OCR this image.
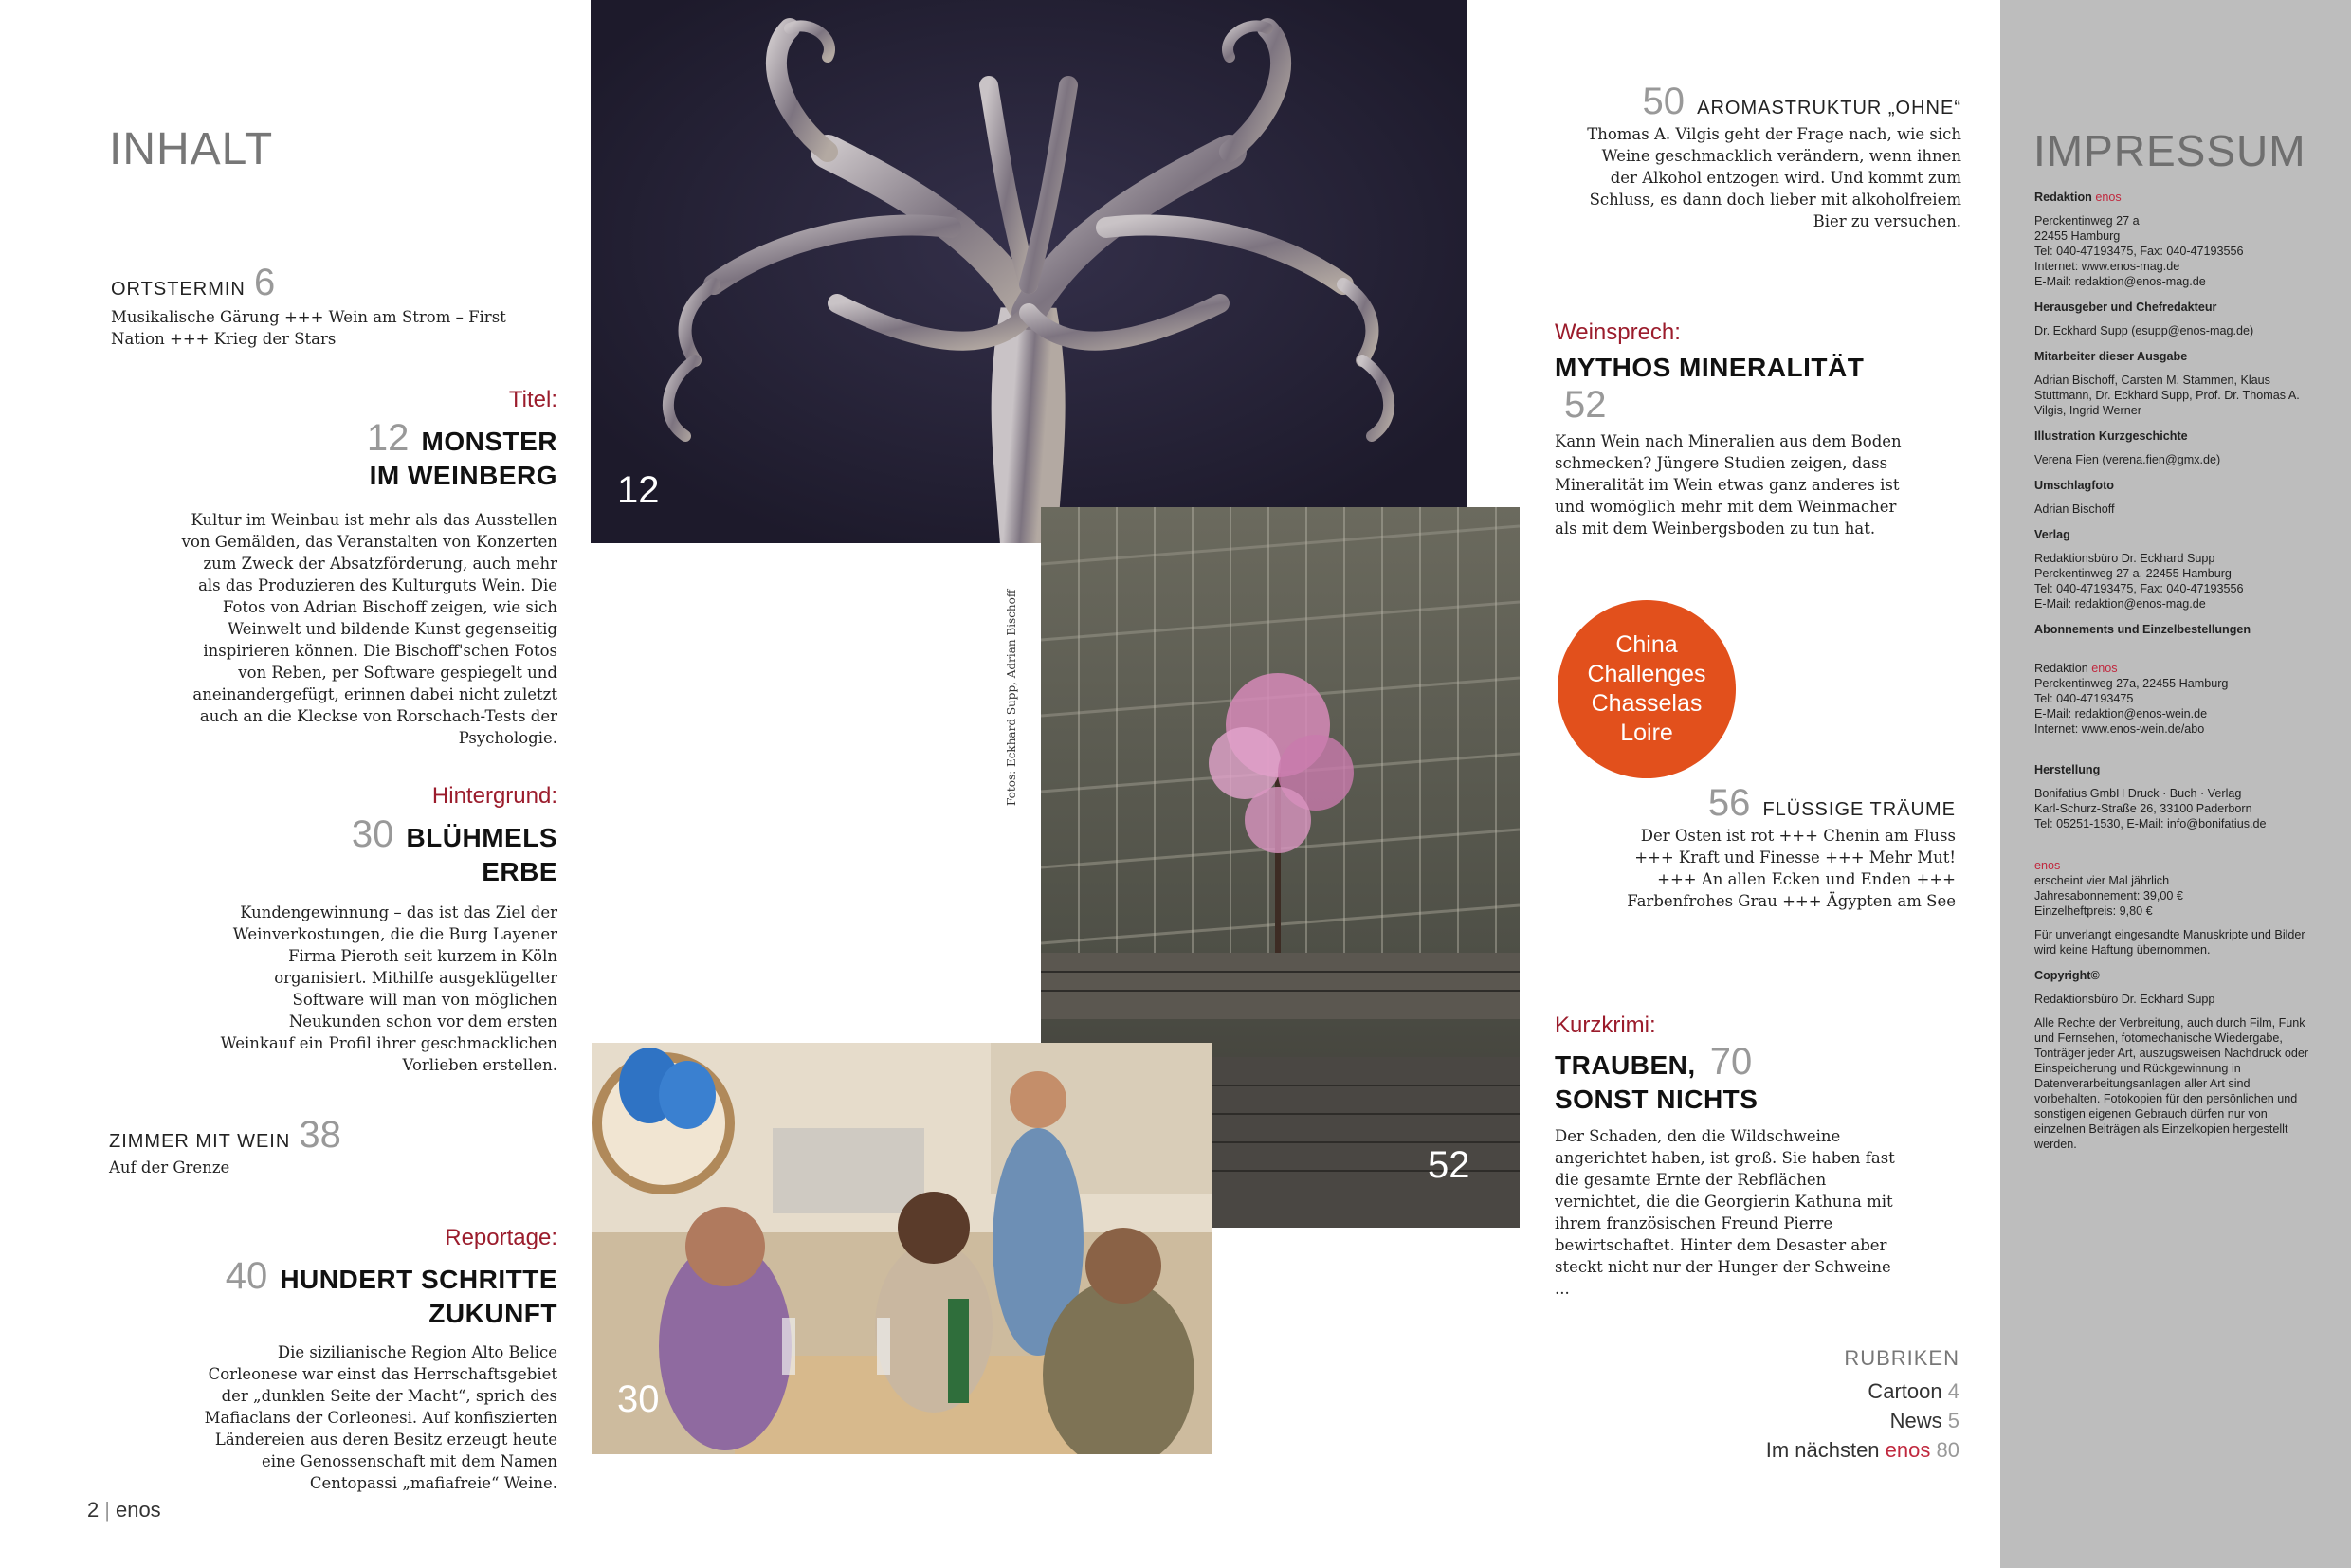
INHALT
ORTSTERMIN 6
Musikalische Gärung +++ Wein am Strom – First Nation +++ Krieg der Stars
Titel:
12 MONSTER
IM WEINBERG
Kultur im Weinbau ist mehr als das Ausstellen von Gemälden, das Veranstalten von Konzerten zum Zweck der Absatzförderung, auch mehr als das Produzieren des Kulturguts Wein. Die Fotos von Adrian Bischoff zeigen, wie sich Weinwelt und bildende Kunst gegenseitig inspirieren können. Die Bischoff'schen Fotos von Reben, per Software gespiegelt und aneinandergefügt, erinnen dabei nicht zuletzt auch an die Kleckse von Rorschach-Tests der Psychologie.
Hintergrund:
30 BLÜHMELS
ERBE
Kundengewinnung – das ist das Ziel der Weinverkostungen, die die Burg Layener Firma Pieroth seit kurzem in Köln organisiert. Mithilfe ausgeklügelter Software will man von möglichen Neukunden schon vor dem ersten Weinkauf ein Profil ihrer geschmacklichen Vorlieben erstellen.
ZIMMER MIT WEIN 38
Auf der Grenze
Reportage:
40 HUNDERT SCHRITTE
ZUKUNFT
Die sizilianische Region Alto Belice Corleonese war einst das Herrschaftsgebiet der „dunklen Seite der Macht“, sprich des Mafiaclans der Corleonesi. Auf konfiszierten Ländereien aus deren Besitz erzeugt heute eine Genossenschaft mit dem Namen Centopassi „mafiafreie“ Weine.
12
52
Fotos: Eckhard Supp, Adrian Bischoff
30
China
Challenges
Chasselas
Loire
50 AROMASTRUKTUR „OHNE“
Thomas A. Vilgis geht der Frage nach, wie sich Weine geschmacklich verändern, wenn ihnen der Alkohol entzogen wird. Und kommt zum Schluss, es dann doch lieber mit alkoholfreiem Bier zu versuchen.
Weinsprech:
MYTHOS MINERALITÄT 52
Kann Wein nach Mineralien aus dem Boden schmecken? Jüngere Studien zeigen, dass Mineralität im Wein etwas ganz anderes ist und womöglich mehr mit dem Weinmacher als mit dem Weinbergsboden zu tun hat.
56 FLÜSSIGE TRÄUME
Der Osten ist rot +++ Chenin am Fluss +++ Kraft und Finesse +++ Mehr Mut! +++ An allen Ecken und Enden +++ Farbenfrohes Grau +++ Ägypten am See
Kurzkrimi:
TRAUBEN, 70
SONST NICHTS
Der Schaden, den die Wildschweine angerichtet haben, ist groß. Sie haben fast die gesamte Ernte der Rebflächen vernichtet, die die Georgierin Kathuna mit ihrem französischen Freund Pierre bewirtschaftet. Hinter dem Desaster aber steckt nicht nur der Hunger der Schweine ...
RUBRIKEN
Cartoon 4
News 5
Im nächsten enos 80
IMPRESSUM
Redaktion enos
Perckentinweg 27 a
22455 Hamburg
Tel: 040-47193475, Fax: 040-47193556
Internet: www.enos-mag.de
E-Mail: redaktion@enos-mag.de
Herausgeber und Chefredakteur
Dr. Eckhard Supp (esupp@enos-mag.de)
Mitarbeiter dieser Ausgabe
Adrian Bischoff, Carsten M. Stammen, Klaus Stuttmann, Dr. Eckhard Supp, Prof. Dr. Thomas A. Vilgis, Ingrid Werner
Illustration Kurzgeschichte
Verena Fien (verena.fien@gmx.de)
Umschlagfoto
Adrian Bischoff
Verlag
Redaktionsbüro Dr. Eckhard Supp
Perckentinweg 27 a, 22455 Hamburg
Tel: 040-47193475, Fax: 040-47193556
E-Mail: redaktion@enos-mag.de
Abonnements und Einzelbestellungen

Redaktion enos

Perckentinweg 27a, 22455 Hamburg
Tel: 040-47193475
E-Mail: redaktion@enos-wein.de
Internet: www.enos-wein.de/abo

Herstellung
Bonifatius GmbH Druck · Buch · Verlag
Karl-Schurz-Straße 26, 33100 Paderborn
Tel: 05251-1530, E-Mail: info@bonifatius.de

enos
erscheint vier Mal jährlich
Jahresabonnement: 39,00 €
Einzelheftpreis: 9,80 €

Für unverlangt eingesandte Manuskripte und Bilder wird keine Haftung übernommen.
Copyright©
Redaktionsbüro Dr. Eckhard Supp
Alle Rechte der Verbreitung, auch durch Film, Funk und Fernsehen, fotomechanische Wiedergabe, Tonträger jeder Art, auszugsweisen Nachdruck oder Einspeicherung und Rückgewinnung in Datenverarbeitungsanlagen aller Art sind vorbehalten. Fotokopien für den persönlichen und sonstigen eigenen Gebrauch dürfen nur von einzelnen Beiträgen als Einzelkopien hergestellt werden.
2 | enos
